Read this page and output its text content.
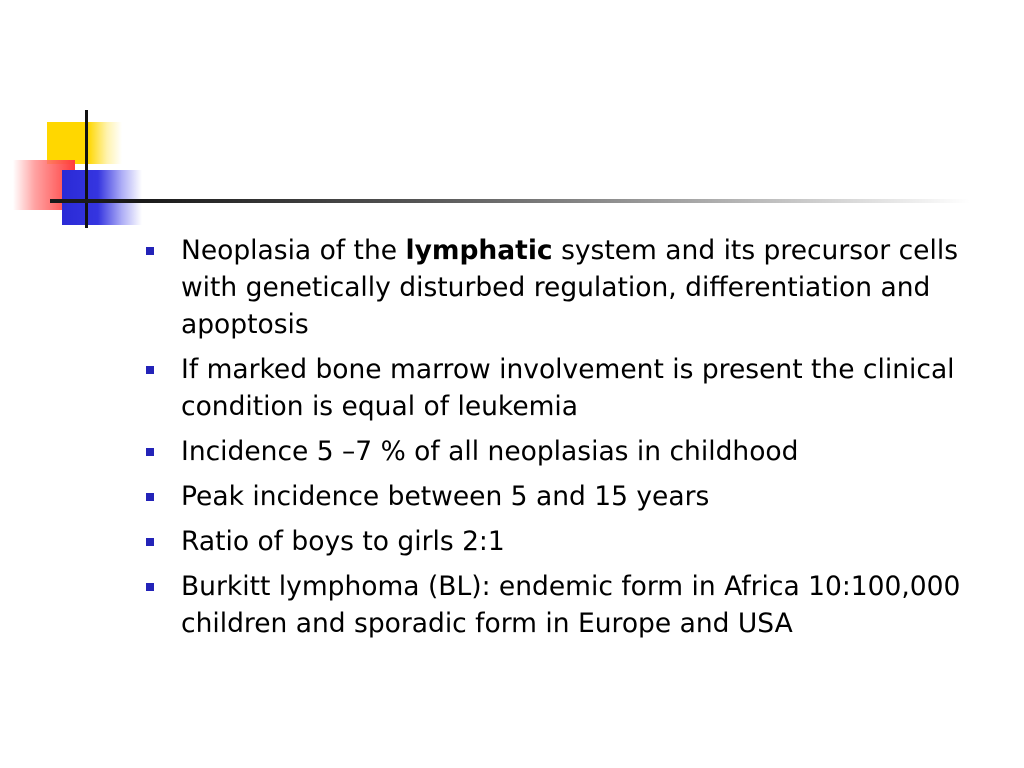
Neoplasia of the lymphatic system and its precursor cells with genetically disturbed regulation, differentiation and apoptosis
If marked bone marrow involvement is present the clinical condition is equal of leukemia
Incidence 5 –7 % of all neoplasias in childhood
Peak incidence between 5 and 15 years
Ratio of boys to girls 2:1
Burkitt lymphoma (BL): endemic form in Africa 10:100,000 children and sporadic form in Europe and USA
